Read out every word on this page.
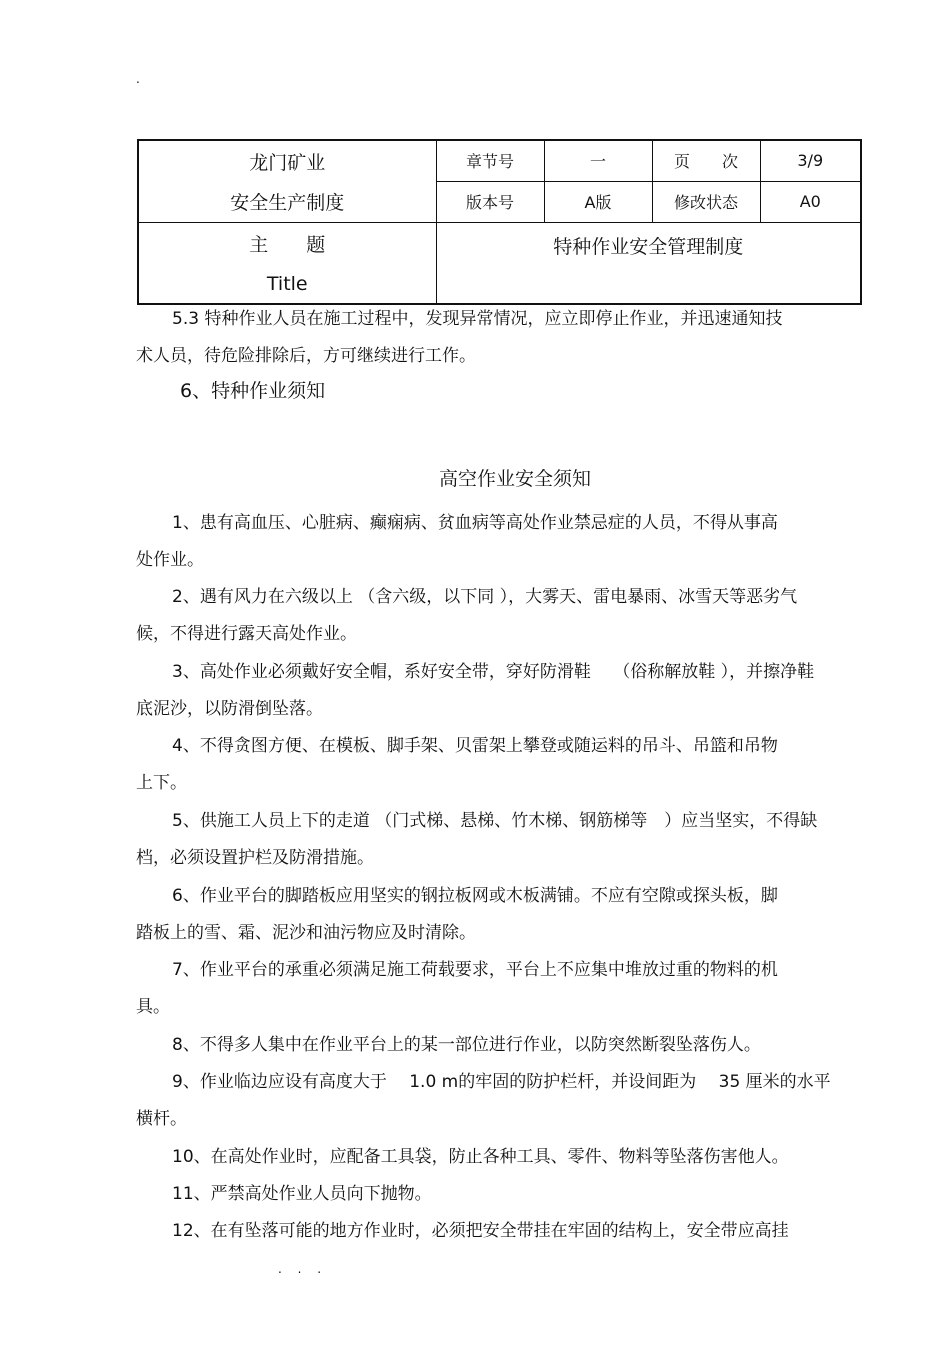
.
龙门矿业
安全生产制度	章节号	一	页　　次	3/9
	版本号	A版	修改状态	A0

主　　题
Title	特种作业安全管理制度			
5.3 特种作业人员在施工过程中，发现异常情况，应立即停止作业，并迅速通知技
术人员，待危险排除后，方可继续进行工作。
6、特种作业须知
高空作业安全须知
1、患有高血压、心脏病、癫痫病、贫血病等高处作业禁忌症的人员，不得从事高
处作业。
2、遇有风力在六级以上 （含六级，以下同 ），大雾天、雷电暴雨、冰雪天等恶劣气
候，不得进行露天高处作业。
3、高处作业必须戴好安全帽，系好安全带，穿好防滑鞋　 （俗称解放鞋 ），并擦净鞋
底泥沙，以防滑倒坠落。
4、不得贪图方便、在模板、脚手架、贝雷架上攀登或随运料的吊斗、吊篮和吊物
上下。
5、供施工人员上下的走道 （门式梯、悬梯、竹木梯、钢筋梯等　）应当坚实，不得缺
档，必须设置护栏及防滑措施。
6、作业平台的脚踏板应用坚实的钢拉板网或木板满铺。不应有空隙或探头板，脚
踏板上的雪、霜、泥沙和油污物应及时清除。
7、作业平台的承重必须满足施工荷载要求，平台上不应集中堆放过重的物料的机
具。
8、不得多人集中在作业平台上的某一部位进行作业，以防突然断裂坠落伤人。
9、作业临边应设有高度大于　 1.0 m的牢固的防护栏杆，并设间距为　 35 厘米的水平
横杆。
10、在高处作业时，应配备工具袋，防止各种工具、零件、物料等坠落伤害他人。
11、严禁高处作业人员向下抛物。
12、在有坠落可能的地方作业时，必须把安全带挂在牢固的结构上，安全带应高挂
. . .
